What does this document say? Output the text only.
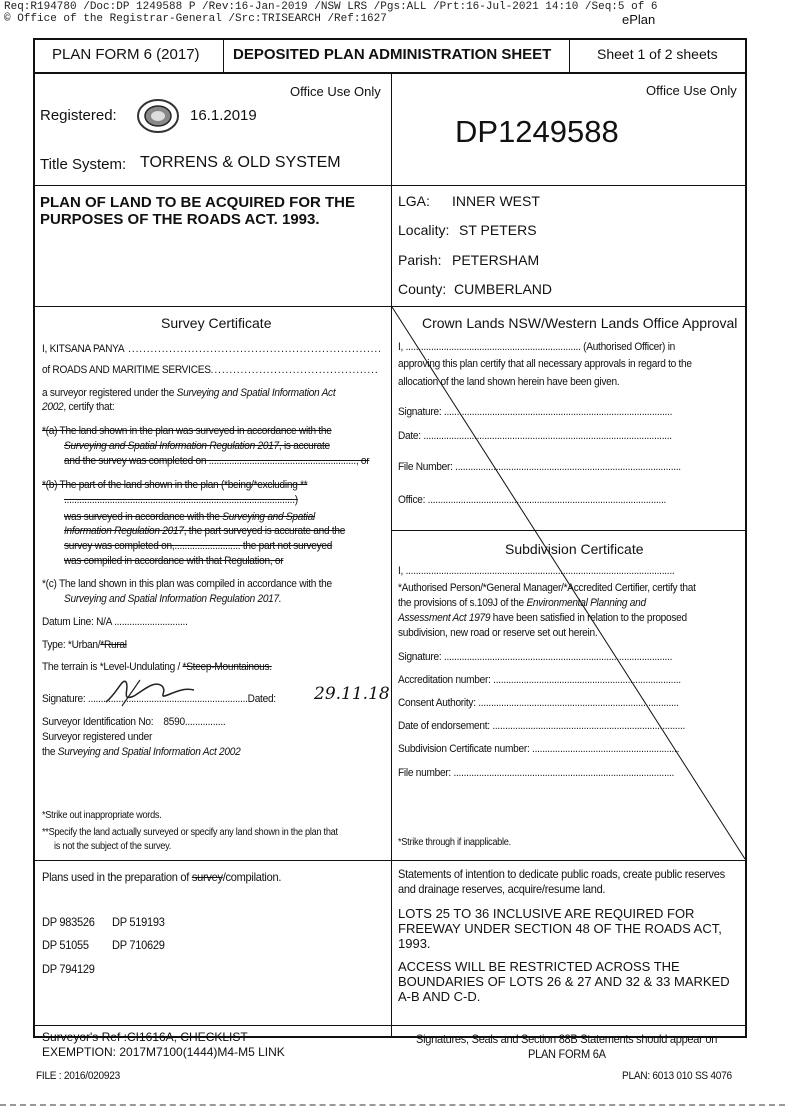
Req:R194780 /Doc:DP 1249588 P /Rev:16-Jan-2019 /NSW LRS /Pgs:ALL /Prt:16-Jul-2021 14:10 /Seq:5 of 6
© Office of the Registrar-General /Src:TRISEARCH /Ref:1627	ePlan
PLAN FORM 6 (2017) DEPOSITED PLAN ADMINISTRATION SHEET	Sheet 1 of 2 sheets
Office Use Only	Office Use Only
Registered:	16.1.2019
Title System: TORRENS & OLD SYSTEM
DP1249588
PLAN OF LAND TO BE ACQUIRED FOR THE
PURPOSES OF THE ROADS ACT. 1993.
LGA: INNER WEST
Locality: ST PETERS
Parish: PETERSHAM
County: CUMBERLAND
Survey Certificate
I, KITSANA PANYA ....................................................................
of ROADS AND MARITIME SERVICES.............................................
a surveyor registered under the Surveying and Spatial Information Act
2002, certify that:
*(a) The land shown in the plan was surveyed in accordance with the
Surveying and Spatial Information Regulation 2017, is accurate
and the survey was completed on .........................................................., or
*(b) The part of the land shown in the plan (*being/*excluding **
...........................................................................................)
was surveyed in accordance with the Surveying and Spatial
Information Regulation 2017, the part surveyed is accurate and the
survey was completed on,.......................... the part not surveyed
was compiled in accordance with that Regulation, or
*(c) The land shown in this plan was compiled in accordance with the
Surveying and Spatial Information Regulation 2017.
Datum Line: N/A .............................
Type: *Urban/*Rural
The terrain is *Level-Undulating / *Steep-Mountainous.
Signature: ...............................................................Dated: 29.11.18
Surveyor Identification No: 8590................
Surveyor registered under
the Surveying and Spatial Information Act 2002
*Strike out inappropriate words.
**Specify the land actually surveyed or specify any land shown in the plan that
is not the subject of the survey.
Crown Lands NSW/Western Lands Office Approval
I, ..................................................................... (Authorised Officer) in
approving this plan certify that all necessary approvals in regard to the
allocation of the land shown herein have been given.
Signature: ..........................................................................................
Date: ..................................................................................................
File Number: .........................................................................................
Office: ..............................................................................................
Subdivision Certificate
I, ..........................................................................................................
*Authorised Person/*General Manager/*Accredited Certifier, certify that
the provisions of s.109J of the Environmental Planning and
Assessment Act 1979 have been satisfied in relation to the proposed
subdivision, new road or reserve set out herein.
Signature: ..........................................................................................
Accreditation number: ..........................................................................
Consent Authority: ...............................................................................
Date of endorsement: ............................................................................
Subdivision Certificate number: ..........................................................
File number: .......................................................................................
*Strike through if inapplicable.
Plans used in the preparation of survey/compilation.
DP 983526 DP 519193
DP 51055 DP 710629
DP 794129
Statements of intention to dedicate public roads, create public reserves
and drainage reserves, acquire/resume land.
LOTS 25 TO 36 INCLUSIVE ARE REQUIRED FOR
FREEWAY UNDER SECTION 48 OF THE ROADS ACT,
1993.
ACCESS WILL BE RESTRICTED ACROSS THE
BOUNDARIES OF LOTS 26 & 27 AND 32 & 33 MARKED
A-B AND C-D.
Surveyor's Ref :CI1616A, CHECKLIST
EXEMPTION: 2017M7100(1444)M4-M5 LINK
Signatures, Seals and Section 88B Statements should appear on
PLAN FORM 6A
FILE : 2016/020923	PLAN: 6013 010 SS 4076
